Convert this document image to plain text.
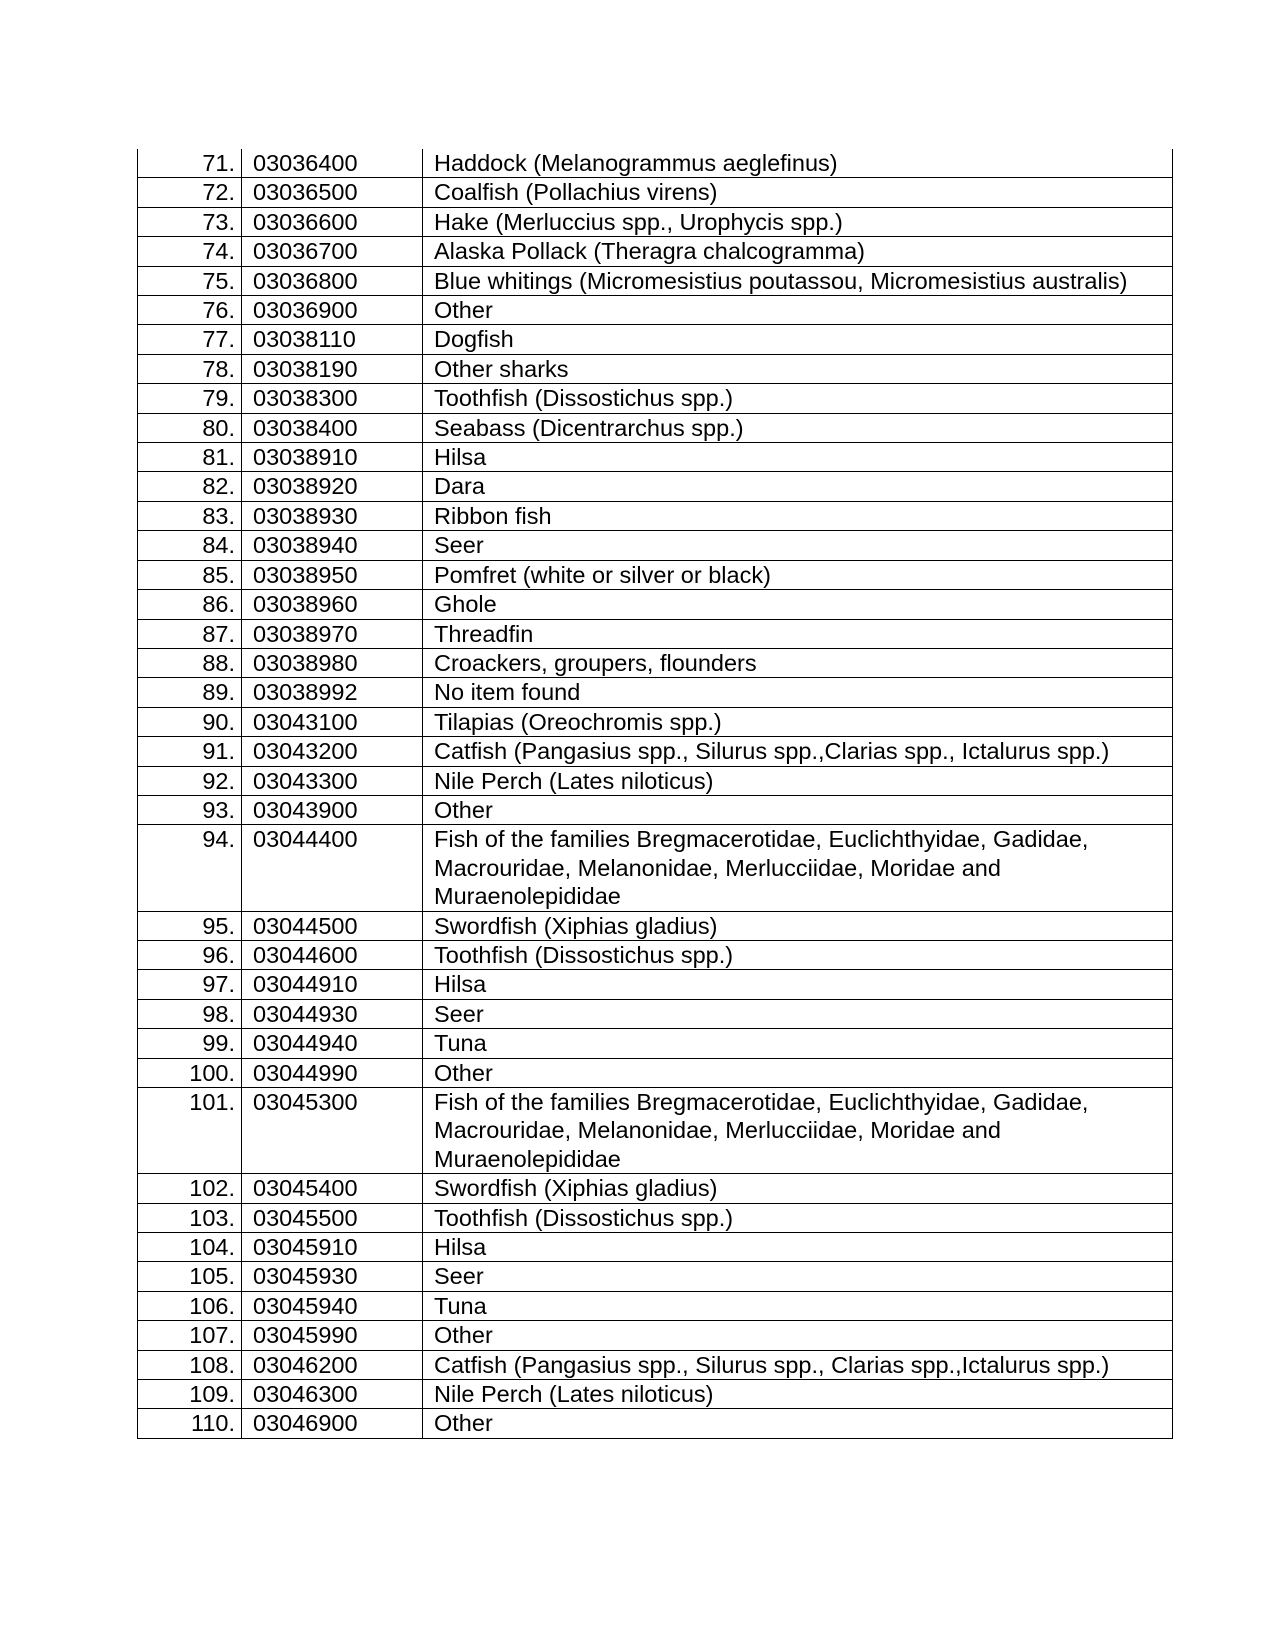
71.	03036400	Haddock (Melanogrammus aeglefinus)
72.	03036500	Coalfish (Pollachius virens)
73.	03036600	Hake (Merluccius spp., Urophycis spp.)
74.	03036700	Alaska Pollack (Theragra chalcogramma)
75.	03036800	Blue whitings (Micromesistius poutassou, Micromesistius australis)
76.	03036900	Other
77.	03038110	Dogfish
78.	03038190	Other sharks
79.	03038300	Toothfish (Dissostichus spp.)
80.	03038400	Seabass (Dicentrarchus spp.)
81.	03038910	Hilsa
82.	03038920	Dara
83.	03038930	Ribbon fish
84.	03038940	Seer
85.	03038950	Pomfret (white or silver or black)
86.	03038960	Ghole
87.	03038970	Threadfin
88.	03038980	Croackers, groupers, flounders
89.	03038992	No item found
90.	03043100	Tilapias (Oreochromis spp.)
91.	03043200	Catfish (Pangasius spp., Silurus spp.,Clarias spp., Ictalurus spp.)
92.	03043300	Nile Perch (Lates niloticus)
93.	03043900	Other
94.	03044400	Fish of the families Bregmacerotidae, Euclichthyidae, Gadidae, Macrouridae, Melanonidae, Merlucciidae, Moridae and Muraenolepididae
95.	03044500	Swordfish (Xiphias gladius)
96.	03044600	Toothfish (Dissostichus spp.)
97.	03044910	Hilsa
98.	03044930	Seer
99.	03044940	Tuna
100.	03044990	Other
101.	03045300	Fish of the families Bregmacerotidae, Euclichthyidae, Gadidae, Macrouridae, Melanonidae, Merlucciidae, Moridae and Muraenolepididae
102.	03045400	Swordfish (Xiphias gladius)
103.	03045500	Toothfish (Dissostichus spp.)
104.	03045910	Hilsa
105.	03045930	Seer
106.	03045940	Tuna
107.	03045990	Other
108.	03046200	Catfish (Pangasius spp., Silurus spp., Clarias spp.,Ictalurus spp.)
109.	03046300	Nile Perch (Lates niloticus)
110.	03046900	Other
